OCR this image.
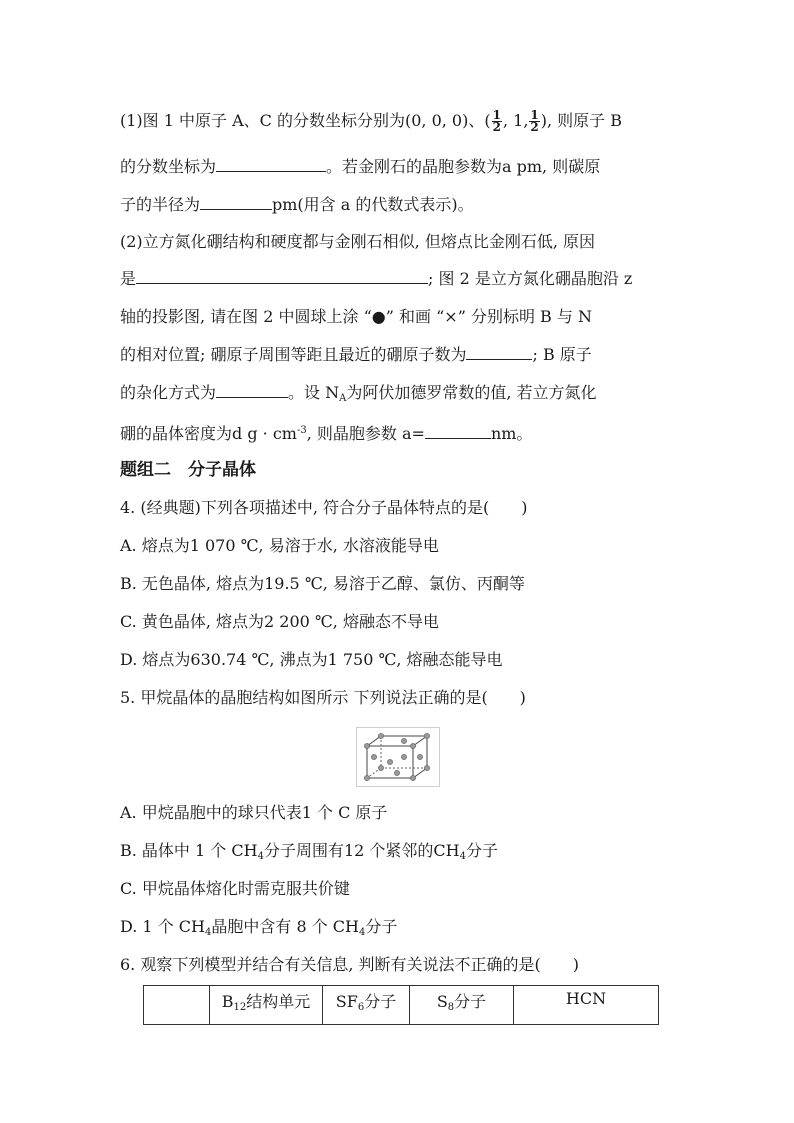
(1)图 1 中原子 A、C 的分数坐标分别为(0, 0, 0)、( $\frac{1}{2}$ , 1, $\frac{1}{2}$ ), 则原子 B
的分数坐标为	。若金刚石的晶胞参数为a pm, 则碳原
子的半径为	pm(用含 a 的代数式表示)。
(2)立方氮化硼结构和硬度都与金刚石相似, 但熔点比金刚石低, 原因
是	; 图 2 是立方氮化硼晶胞沿 z
轴的投影图, 请在图 2 中圆球上涂 “●” 和画 “×” 分别标明 B 与 N
的相对位置; 硼原子周围等距且最近的硼原子数为	; B 原子
的杂化方式为	。设 $N_A$为阿伏加德罗常数的值, 若立方氮化
硼的晶体密度为d $g \cdot cm^{-3}$, 则晶胞参数 a=	nm。
题组二　分子晶体
4. (经典题)下列各项描述中, 符合分子晶体特点的是(　　)
A. 熔点为1 070 ℃, 易溶于水, 水溶液能导电
B. 无色晶体, 熔点为19.5 ℃, 易溶于乙醇、氯仿、丙酮等
C. 黄色晶体, 熔点为2 200 ℃, 熔融态不导电
D. 熔点为630.74 ℃, 沸点为1 750 ℃, 熔融态能导电
5. 甲烷晶体的晶胞结构如图所示 下列说法正确的是(　　)
A. 甲烷晶胞中的球只代表1 个 C 原子
B. 晶体中 1 个 $CH_4$分子周围有12 个紧邻的$CH_4$分子
C. 甲烷晶体熔化时需克服共价键
D. 1 个 $CH_4$晶胞中含有 8 个 $CH_4$分子
6. 观察下列模型并结合有关信息, 判断有关说法不正确的是(　　)
	$B_{12}$结构单元	$SF_6$分子	$S_8$分子	HCN
